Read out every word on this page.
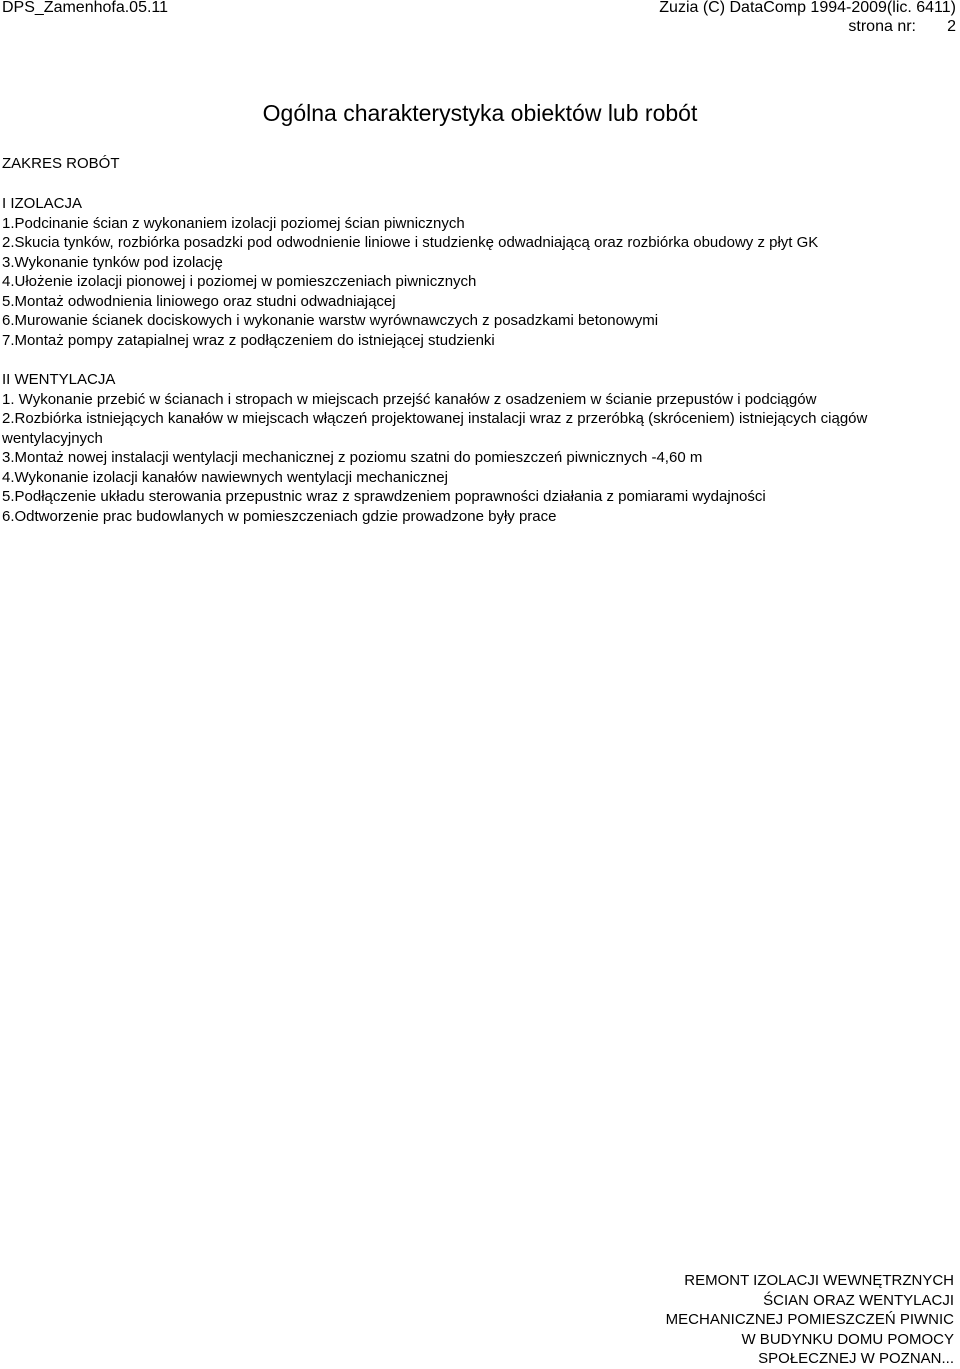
DPS_Zamenhofa.05.11	Zuzia (C) DataComp 1994-2009(lic. 6411)
strona nr: 2
Ogólna charakterystyka obiektów lub robót
ZAKRES ROBÓT
I IZOLACJA
1.Podcinanie ścian z wykonaniem izolacji poziomej ścian piwnicznych
2.Skucia tynków, rozbiórka posadzki pod odwodnienie liniowe i studzienkę odwadniającą oraz rozbiórka obudowy z płyt GK
3.Wykonanie tynków pod izolację
4.Ułożenie izolacji pionowej i poziomej w pomieszczeniach piwnicznych
5.Montaż odwodnienia liniowego oraz studni odwadniającej
6.Murowanie ścianek dociskowych i wykonanie warstw wyrównawczych z posadzkami betonowymi
7.Montaż pompy zatapialnej wraz z podłączeniem do istniejącej studzienki
II WENTYLACJA
1. Wykonanie przebić w ścianach i stropach w miejscach przejść kanałów z osadzeniem w ścianie przepustów i podciągów
2.Rozbiórka istniejących kanałów w miejscach włączeń projektowanej instalacji wraz z przeróbką (skróceniem) istniejących ciągów wentylacyjnych
3.Montaż nowej instalacji wentylacji mechanicznej z poziomu szatni do pomieszczeń piwnicznych -4,60 m
4.Wykonanie izolacji kanałów nawiewnych wentylacji mechanicznej
5.Podłączenie układu sterowania przepustnic wraz z sprawdzeniem poprawności działania z pomiarami wydajności
6.Odtworzenie prac budowlanych w pomieszczeniach gdzie prowadzone były prace
REMONT IZOLACJI WEWNĘTRZNYCH
ŚCIAN ORAZ WENTYLACJI
MECHANICZNEJ POMIESZCZEŃ PIWNIC
W BUDYNKU DOMU POMOCY
SPOŁECZNEJ W POZNAN...
